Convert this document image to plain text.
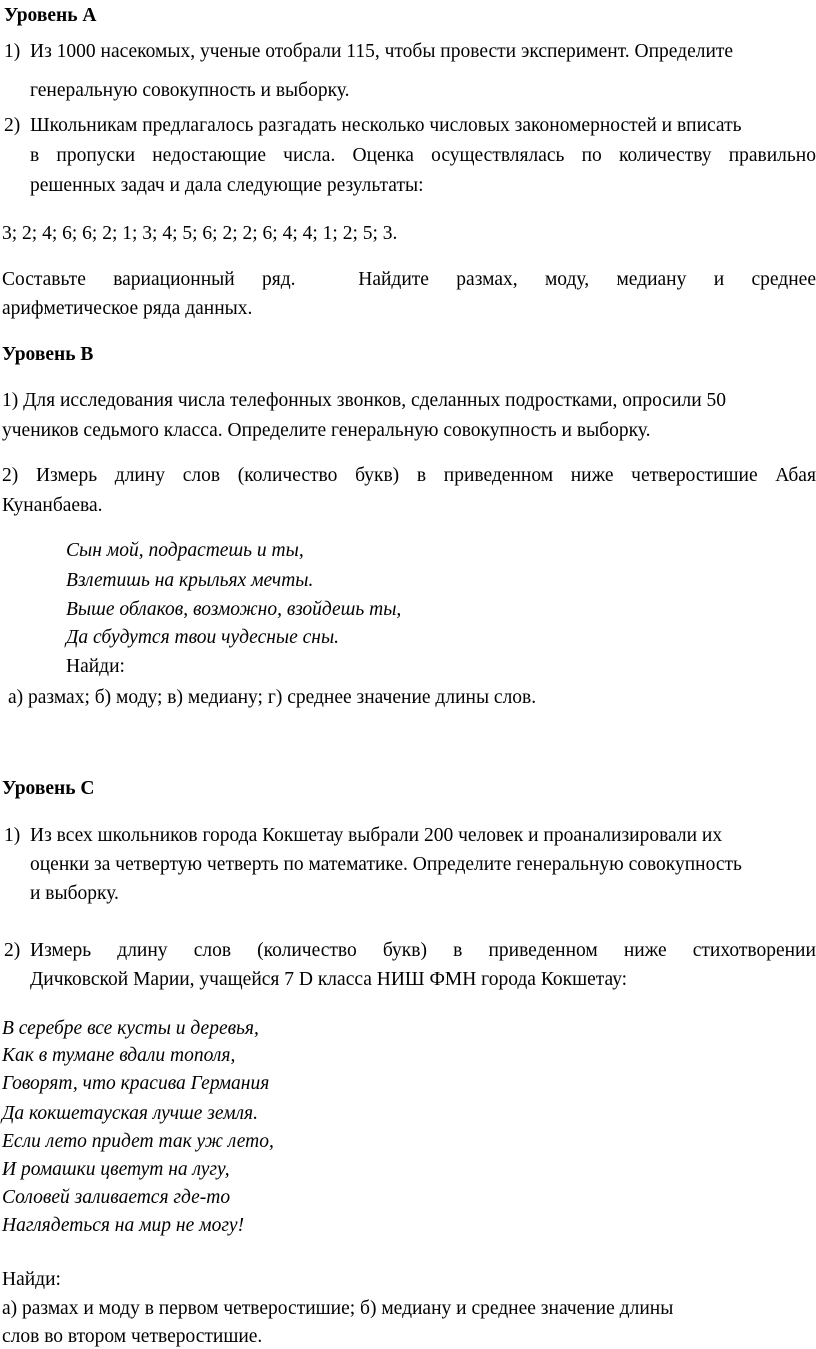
Уровень А
1) Из 1000 насекомых, ученые отобрали 115, чтобы провести эксперимент. Определите
генеральную совокупность и выборку.
2) Школьникам предлагалось разгадать несколько числовых закономерностей и вписать
в пропуски недостающие числа. Оценка осуществлялась по количеству правильно
решенных задач и дала следующие результаты:
3; 2; 4; 6; 6; 2; 1; 3; 4; 5; 6; 2; 2; 6; 4; 4; 1; 2; 5; 3.
Составьте вариационный ряд.	Найдите размах, моду, медиану и среднее
арифметическое ряда данных.
Уровень В
1) Для исследования числа телефонных звонков, сделанных подростками, опросили 50
учеников седьмого класса. Определите генеральную совокупность и выборку.
2) Измерь длину слов (количество букв) в приведенном ниже четверостишие Абая
Кунанбаева.
Сын мой, подрастешь и ты,
Взлетишь на крыльях мечты.
Выше облаков, возможно, взойдешь ты,
Да сбудутся твои чудесные сны.
Найди:
а) размах; б) моду; в) медиану; г) среднее значение длины слов.
Уровень С
1) Из всех школьников города Кокшетау выбрали 200 человек и проанализировали их
оценки за четвертую четверть по математике. Определите генеральную совокупность
и выборку.
2) Измерь длину слов (количество букв) в приведенном ниже стихотворении
Дичковской Марии, учащейся 7 D класса НИШ ФМН города Кокшетау:
В серебре все кусты и деревья,
Как в тумане вдали тополя,
Говорят, что красива Германия
Да кокшетауская лучше земля.
Если лето придет так уж лето,
И ромашки цветут на лугу,
Соловей заливается где-то
Наглядеться на мир не могу!
Найди:
а) размах и моду в первом четверостишие; б) медиану и среднее значение длины
слов во втором четверостишие.
